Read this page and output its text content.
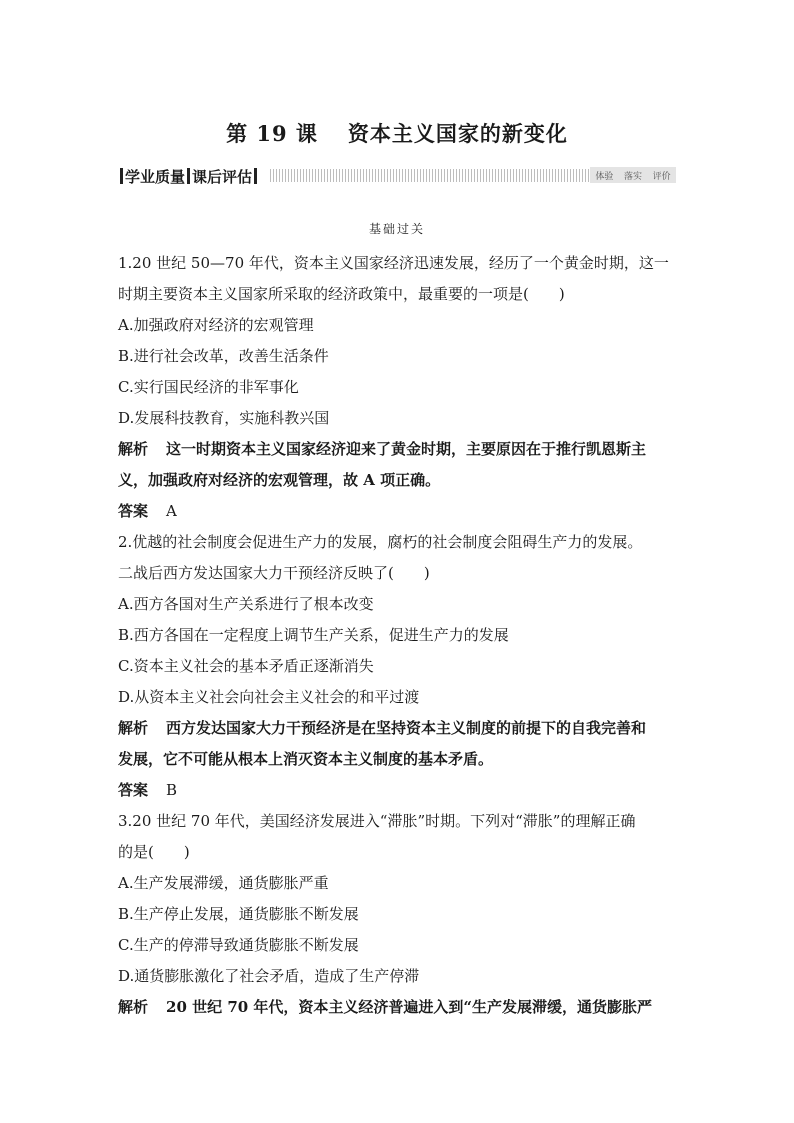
第 19 课 资本主义国家的新变化
学业质量 课后评估	体验 落实 评价
基础过关
1.20 世纪 50—70 年代，资本主义国家经济迅速发展，经历了一个黄金时期，这一
时期主要资本主义国家所采取的经济政策中，最重要的一项是(　　)
A.加强政府对经济的宏观管理
B.进行社会改革，改善生活条件
C.实行国民经济的非军事化
D.发展科技教育，实施科教兴国
解析 这一时期资本主义国家经济迎来了黄金时期，主要原因在于推行凯恩斯主
义，加强政府对经济的宏观管理，故 A 项正确。
答案 A
2.优越的社会制度会促进生产力的发展，腐朽的社会制度会阻碍生产力的发展。
二战后西方发达国家大力干预经济反映了(　　)
A.西方各国对生产关系进行了根本改变
B.西方各国在一定程度上调节生产关系，促进生产力的发展
C.资本主义社会的基本矛盾正逐渐消失
D.从资本主义社会向社会主义社会的和平过渡
解析 西方发达国家大力干预经济是在坚持资本主义制度的前提下的自我完善和
发展，它不可能从根本上消灭资本主义制度的基本矛盾。
答案 B
3.20 世纪 70 年代，美国经济发展进入“滞胀”时期。下列对“滞胀”的理解正确
的是(　　)
A.生产发展滞缓，通货膨胀严重
B.生产停止发展，通货膨胀不断发展
C.生产的停滞导致通货膨胀不断发展
D.通货膨胀激化了社会矛盾，造成了生产停滞
解析 20 世纪 70 年代，资本主义经济普遍进入到“生产发展滞缓，通货膨胀严
